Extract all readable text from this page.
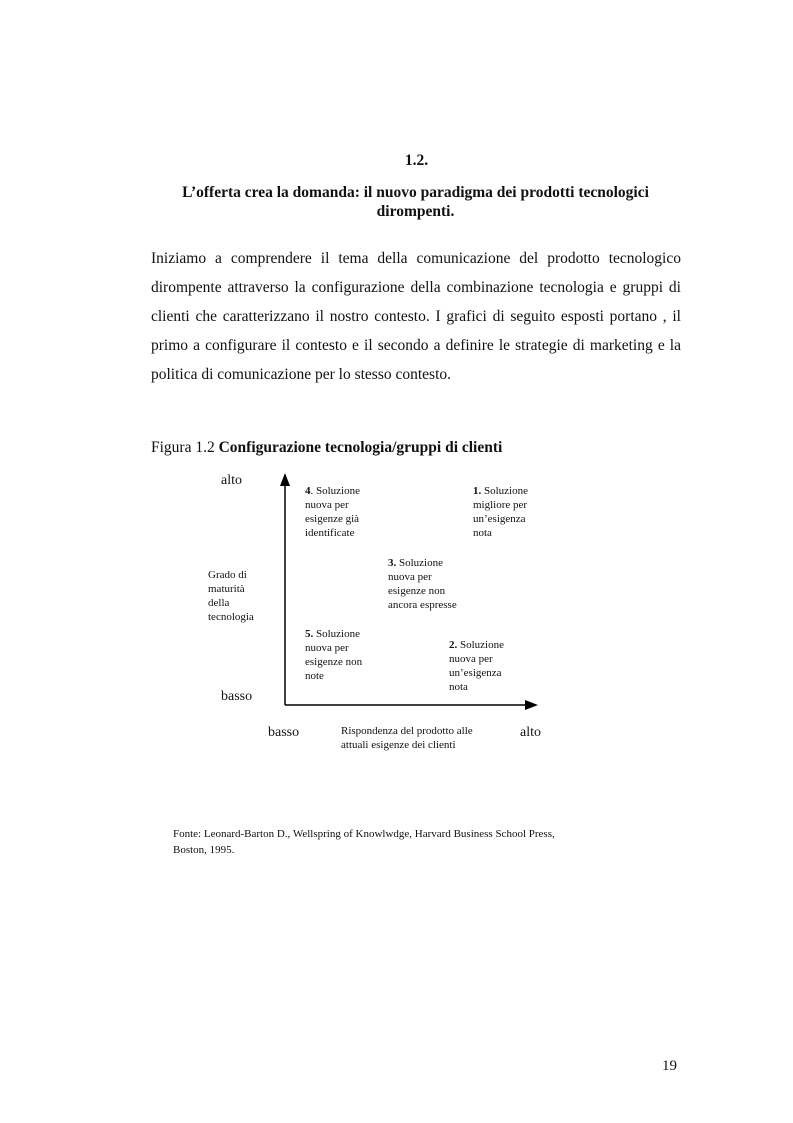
1.2.
L’offerta crea la domanda: il nuovo paradigma dei prodotti tecnologici dirompenti.

Iniziamo a comprendere il tema della comunicazione del prodotto tecnologico dirompente attraverso la configurazione della combinazione tecnologia e gruppi di clienti che caratterizzano il nostro contesto. I grafici di seguito esposti portano , il primo a configurare il contesto e il secondo a definire le strategie di marketing e la politica di comunicazione per lo stesso contesto.

Figura 1.2 Configurazione tecnologia/gruppi di clienti
alto
basso

Grado di

maturità

della

tecnologia

basso	alto

Rispondenza del prodotto alle

attuali esigenze dei clienti

4. Soluzione

nuova per

esigenze già

identificate

1. Soluzione

migliore per

un’esigenza

nota

3. Soluzione

nuova per

esigenze non

ancora espresse

5. Soluzione

nuova per

esigenze non

note

2. Soluzione

nuova per

un’esigenza

nota

Fonte: Leonard-Barton D., Wellspring of Knowlwdge, Harvard Business School Press,
Boston, 1995.
19
